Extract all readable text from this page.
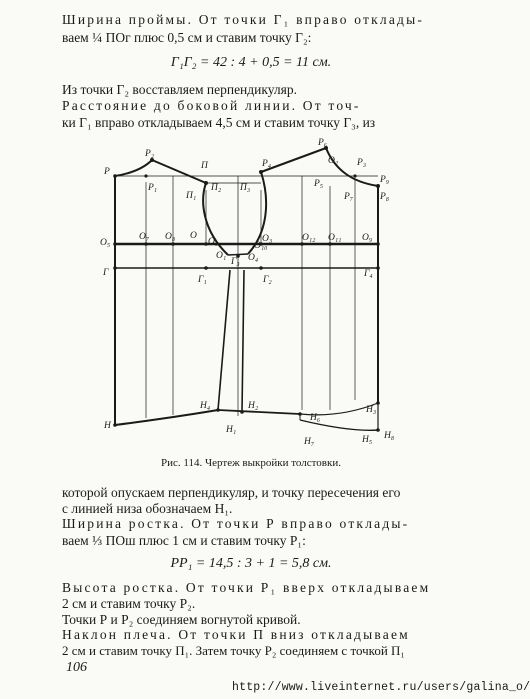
Ширина проймы. От точки Г₁ вправо отклады-
ваем ¼ ПОг плюс 0,5 см и ставим точку Г₂:
Г₁Г₂ = 42 : 4 + 0,5 = 11 см.
Из точки Г₂ восставляем перпендикуляр.
Расстояние до боковой линии. От точ-
ки Г₁ вправо откладываем 4,5 см и ставим точку Г₃, из
Р
Р₂
Р₁
П
П₁
П₂ П₃
Р₄
Р₆
О₂ Р₃
Р₅
Р₇
Р₉
Р₈
О₅
О₇ О₈ О
О₆
О₁
Г₃ О₄
О₃
О₁₀
О₁₂ О₁₁ О₉
Г
Г₁	Г₂
Г₄
Н
Н₄	Н₂
Н₁
Н₆
Н₃
Н₇	Н₅ Н₈
Рис. 114. Чертеж выкройки толстовки.
которой опускаем перпендикуляр, и точку пересечения его
с линией низа обозначаем Н₁.
Ширина ростка. От точки Р вправо отклады-
ваем ⅓ ПОш плюс 1 см и ставим точку Р₁:
РР₁ = 14,5 : 3 + 1 = 5,8 см.
Высота ростка. От точки Р₁ вверх откладываем
2 см и ставим точку Р₂.
Точки Р и Р₂ соединяем вогнутой кривой.
Наклон плеча. От точки П вниз откладываем
2 см и ставим точку П₁. Затем точку Р₂ соединяем с точкой П₁
106
http://www.liveinternet.ru/users/galina_o/
